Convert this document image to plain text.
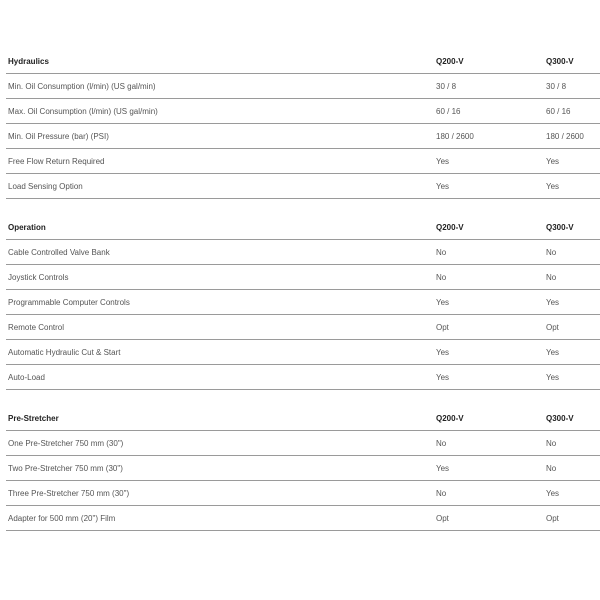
Hydraulics	Q200-V	Q300-V
Min. Oil Consumption (l/min) (US gal/min)	30 / 8	30 / 8
Max. Oil Consumption (l/min) (US gal/min)	60 / 16	60 / 16
Min. Oil Pressure (bar) (PSI)	180 / 2600	180 / 2600
Free Flow Return Required	Yes	Yes
Load Sensing Option	Yes	Yes
Operation	Q200-V	Q300-V
Cable Controlled Valve Bank	No	No
Joystick Controls	No	No
Programmable Computer Controls	Yes	Yes
Remote Control	Opt	Opt
Automatic Hydraulic Cut & Start	Yes	Yes
Auto-Load	Yes	Yes
Pre-Stretcher	Q200-V	Q300-V
One Pre-Stretcher 750 mm (30")	No	No
Two Pre-Stretcher 750 mm (30")	Yes	No
Three Pre-Stretcher 750 mm (30")	No	Yes
Adapter for 500 mm (20") Film	Opt	Opt
